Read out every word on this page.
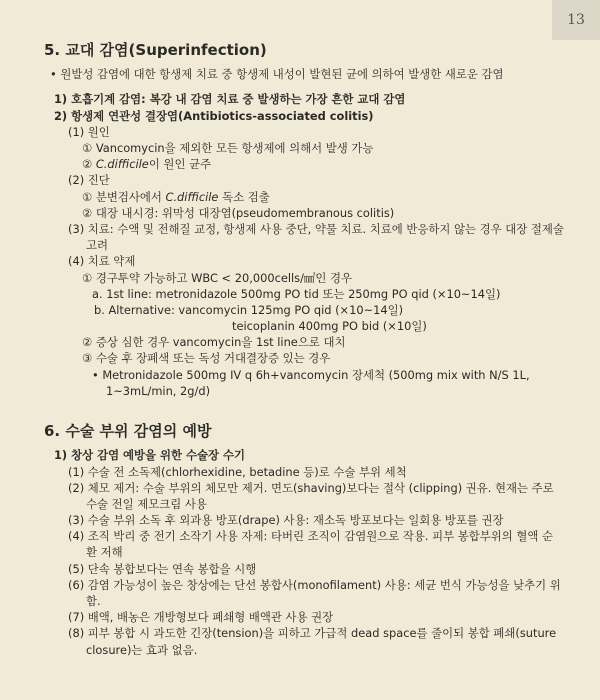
13
5. 교대 감염(Superinfection)
• 원발성 감염에 대한 항생제 치료 중 항생제 내성이 발현된 균에 의하여 발생한 새로운 감염
1) 호흡기계 감염: 복강 내 감염 치료 중 발생하는 가장 흔한 교대 감염
2) 항생제 연관성 결장염(Antibiotics-associated colitis)
(1) 원인
① Vancomycin을 제외한 모든 항생제에 의해서 발생 가능
② C.difficile이 원인 균주
(2) 진단
① 분변검사에서 C.difficile 독소 검출
② 대장 내시경: 위막성 대장염(pseudomembranous colitis)
(3) 치료: 수액 및 전해질 교정, 항생제 사용 중단, 약물 치료. 치료에 반응하지 않는 경우 대장 절제술 고려
(4) 치료 약제
① 경구투약 가능하고 WBC < 20,000cells/㎣인 경우
a. 1st line: metronidazole 500mg PO tid 또는 250mg PO qid (×10~14일)
b. Alternative: vancomycin 125mg PO qid (×10~14일)
teicoplanin 400mg PO bid (×10일)
② 증상 심한 경우 vancomycin을 1st line으로 대치
③ 수술 후 장폐색 또는 독성 거대결장증 있는 경우
• Metronidazole 500mg IV q 6h+vancomycin 장세척 (500mg mix with N/S 1L, 1~3mL/min, 2g/d)
6. 수술 부위 감염의 예방
1) 창상 감염 예방을 위한 수술장 수기
(1) 수술 전 소독제(chlorhexidine, betadine 등)로 수술 부위 세척
(2) 체모 제거: 수술 부위의 체모만 제거. 면도(shaving)보다는 절삭 (clipping) 권유. 현재는 주로 수술 전일 제모크림 사용
(3) 수술 부위 소독 후 외과용 방포(drape) 사용: 재소독 방포보다는 일회용 방포를 권장
(4) 조직 박리 중 전기 소작기 사용 자제: 타버린 조직이 감염원으로 작용. 피부 봉합부위의 혈액 순환 저해
(5) 단속 봉합보다는 연속 봉합을 시행
(6) 감염 가능성이 높은 창상에는 단선 봉합사(monofilament) 사용: 세균 번식 가능성을 낮추기 위함.
(7) 배액, 배농은 개방형보다 폐쇄형 배액관 사용 권장
(8) 피부 봉합 시 과도한 긴장(tension)을 피하고 가급적 dead space를 줄이되 봉합 폐쇄(suture closure)는 효과 없음.
